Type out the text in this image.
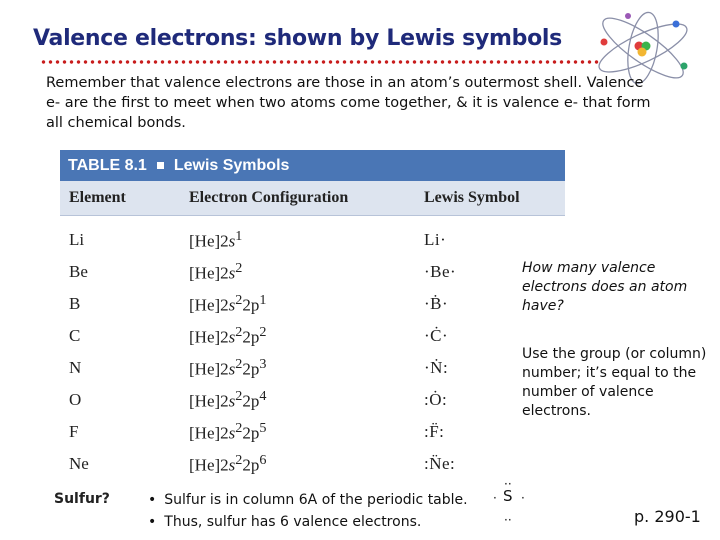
Valence electrons: shown by Lewis symbols

Remember that valence electrons are those in an atom’s outermost shell. Valence e- are the first to meet when two atoms come together, & it is valence e- that form all chemical bonds.

TABLE 8.1 Lewis Symbols
Element	Electron Configuration	Lewis Symbol
Li	$[He]2s^1$	Li·
Be	$[He]2s^2$	·Be·
B	$[He]2s^22p^1$	·Ḃ·
C	$[He]2s^22p^2$	·Ċ·
N	$[He]2s^22p^3$	·Ṅ:
O	$[He]2s^22p^4$	:Ȯ:
F	$[He]2s^22p^5$	:F̈:
Ne	$[He]2s^22p^6$	:N̈e:

How many valence electrons does an atom have?

Use the group (or column) number; it’s equal to the number of valence electrons.

Sulfur?
•	Sulfur is in column 6A of the periodic table.
• Thus, sulfur has 6 valence electrons.
··
· S ·
··	p. 290-1
